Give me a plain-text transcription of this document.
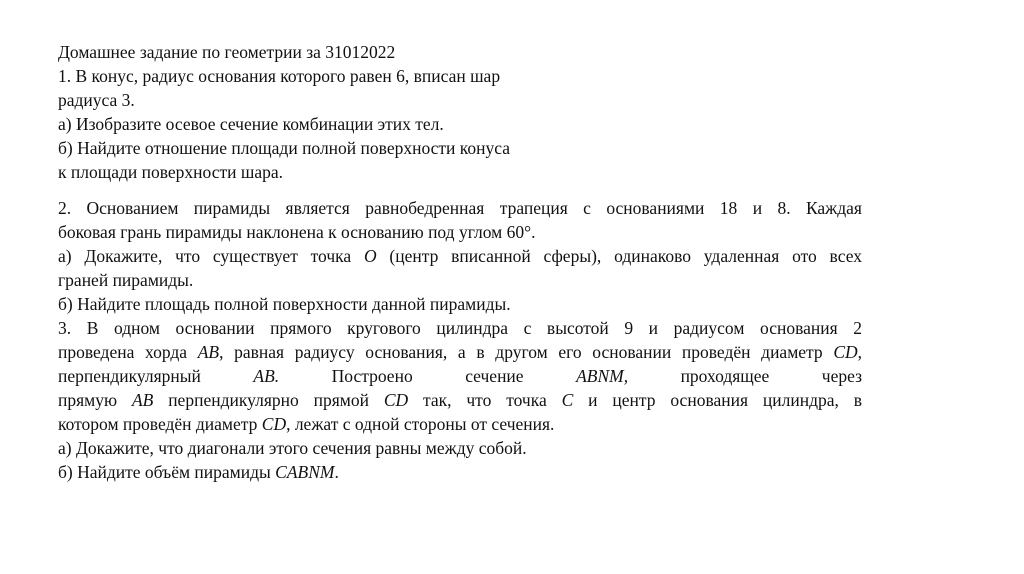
Домашнее задание по геометрии за 31012022
1. В конус, радиус основания которого равен 6, вписан шар
радиуса 3.
а) Изобразите осевое сечение комбинации этих тел.
б) Найдите отношение площади полной поверхности конуса
к площади поверхности шара.
2. Основанием пирамиды является равнобедренная трапеция с основаниями 18 и 8. Каждая
боковая грань пирамиды наклонена к основанию под углом 60°.
а) Докажите, что существует точка O (центр вписанной сферы), одинаково удаленная ото всех
граней пирамиды.
б) Найдите площадь полной поверхности данной пирамиды.
3. В одном основании прямого кругового цилиндра с высотой 9 и радиусом основания 2
проведена хорда AB, равная радиусу основания, а в другом его основании проведён диаметр CD,
перпендикулярный	AB.	Построено	сечение	ABNM,	проходящее	через
прямую AB перпендикулярно прямой CD так, что точка C и центр основания цилиндра, в
котором проведён диаметр CD, лежат с одной стороны от сечения.
а) Докажите, что диагонали этого сечения равны между собой.
б) Найдите объём пирамиды CABNM.
